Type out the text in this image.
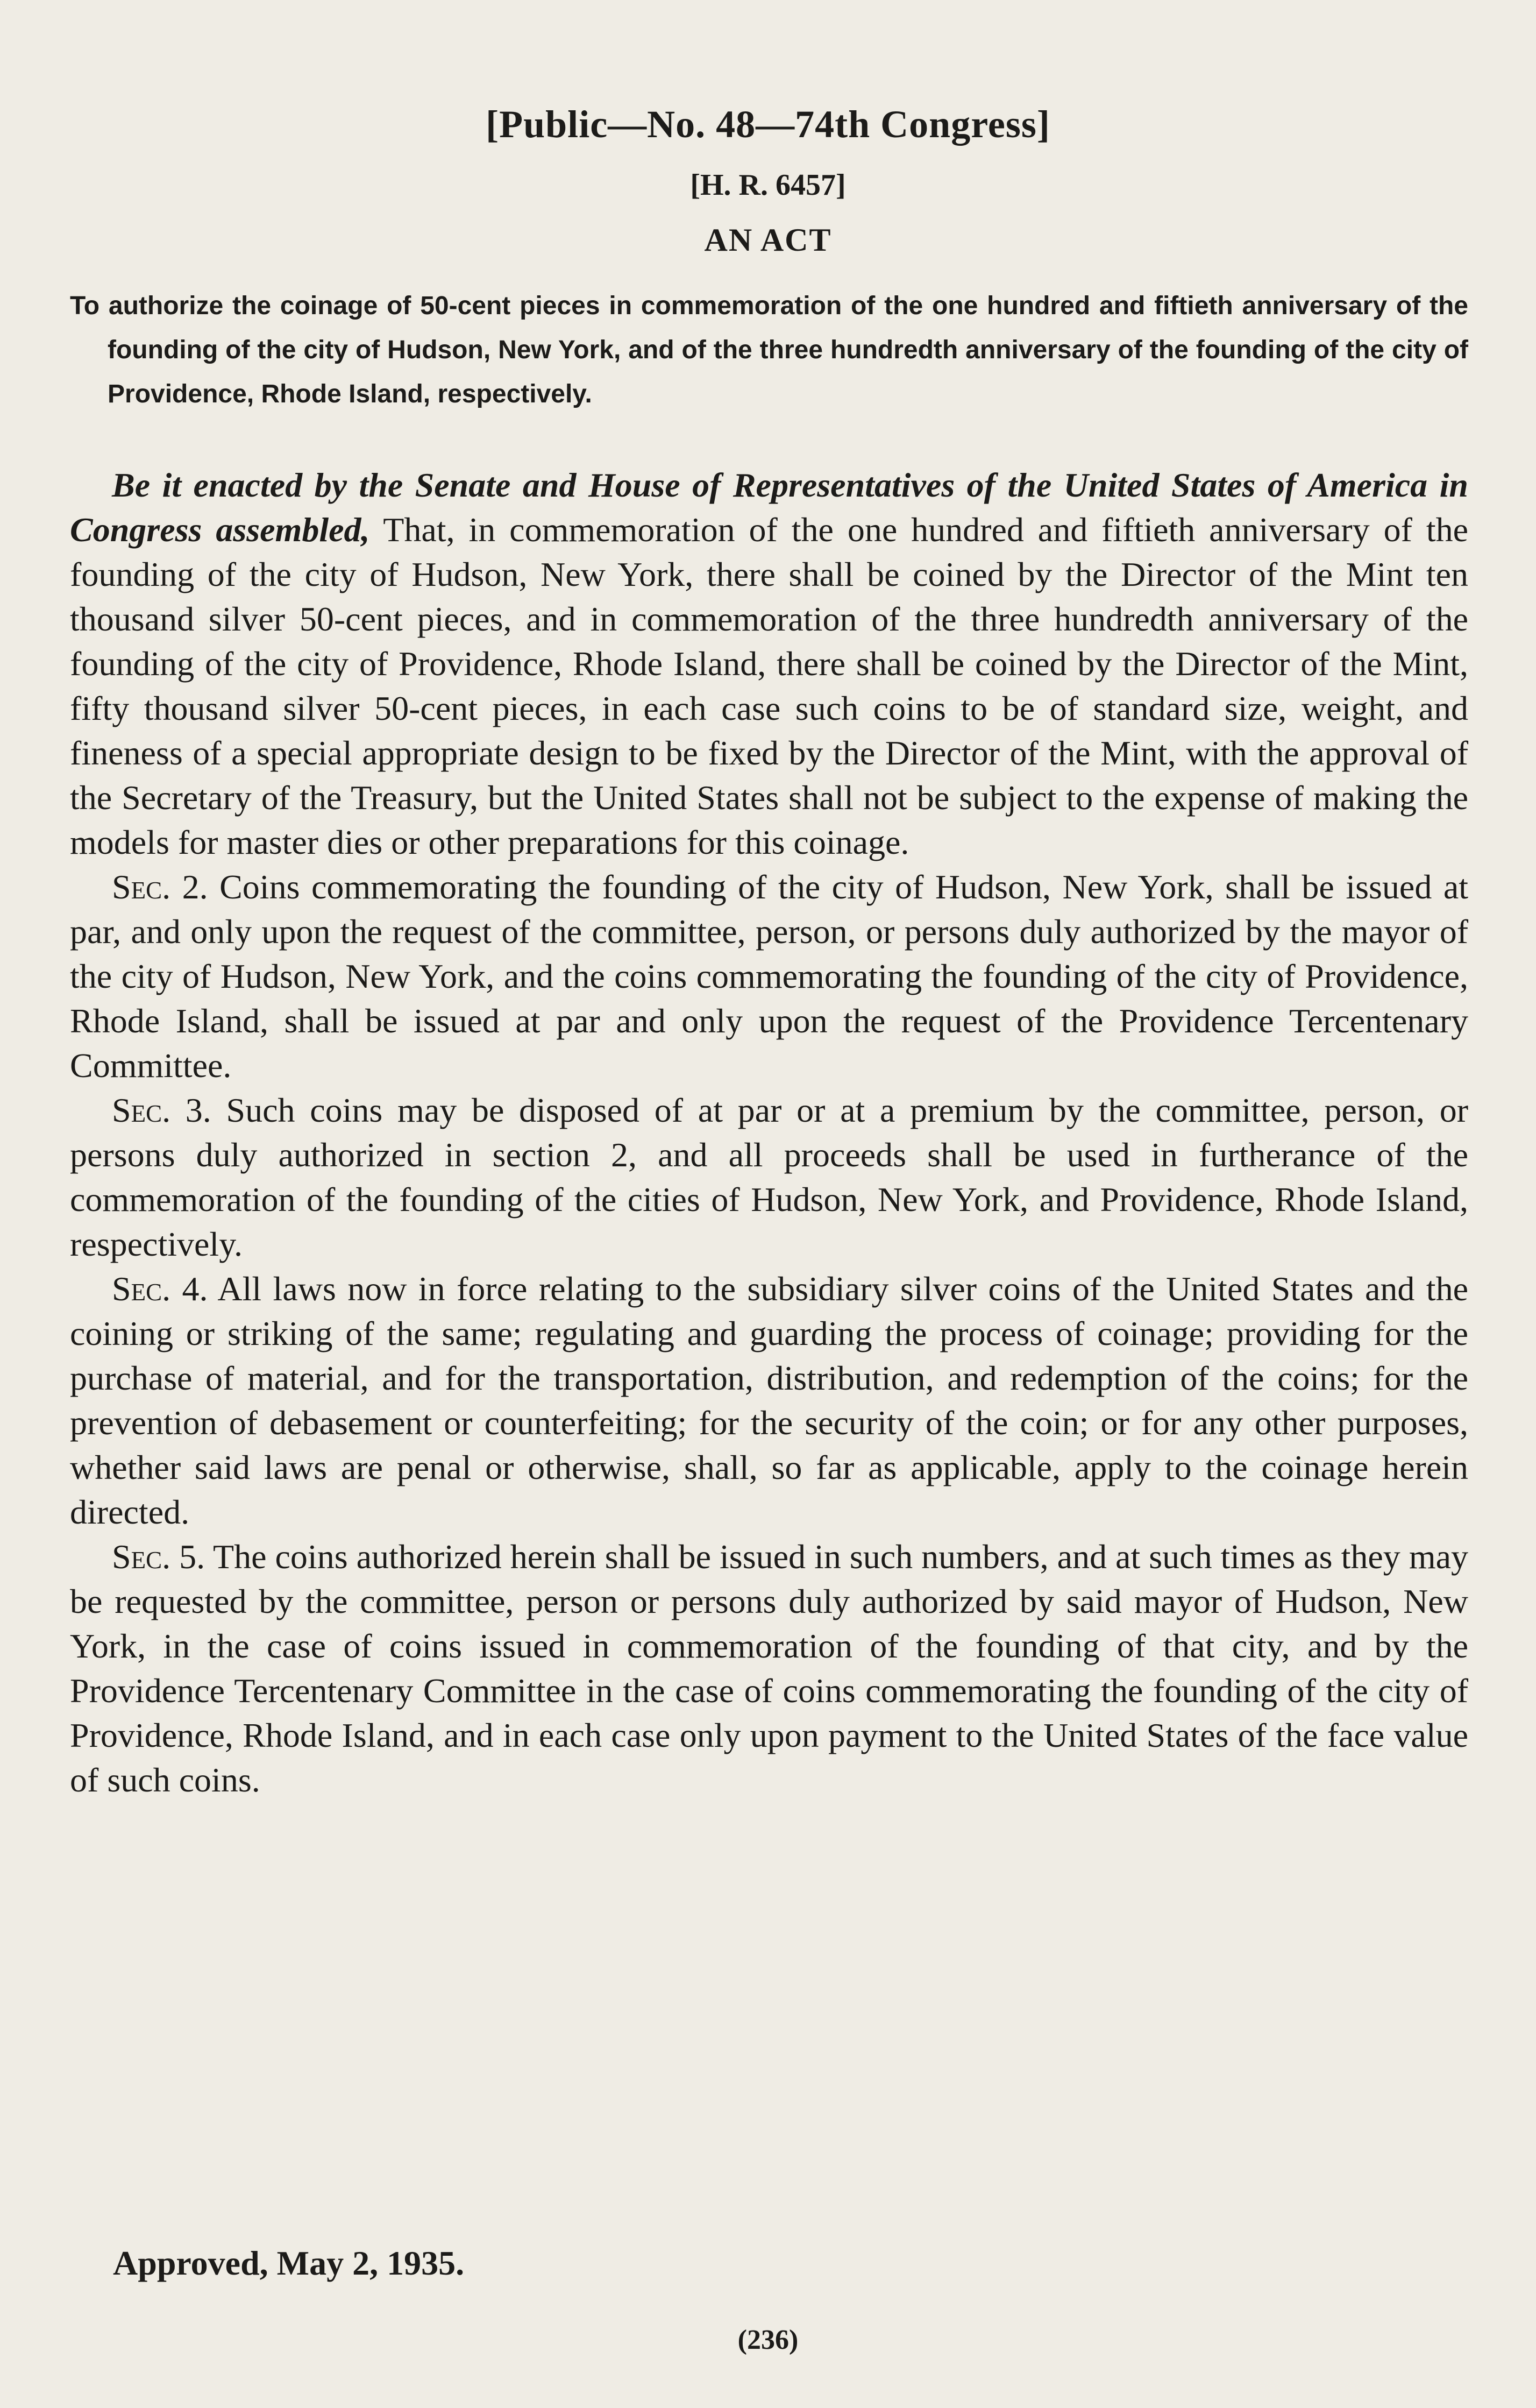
[Public—No. 48—74th Congress]
[H. R. 6457]
AN ACT
To authorize the coinage of 50-cent pieces in commemoration of the one hundred and fiftieth anniversary of the founding of the city of Hudson, New York, and of the three hundredth anniversary of the founding of the city of Providence, Rhode Island, respectively.

Be it enacted by the Senate and House of Representatives of the United States of America in Congress assembled, That, in commemoration of the one hundred and fiftieth anniversary of the founding of the city of Hudson, New York, there shall be coined by the Director of the Mint ten thousand silver 50-cent pieces, and in commemoration of the three hundredth anniversary of the founding of the city of Providence, Rhode Island, there shall be coined by the Director of the Mint, fifty thousand silver 50-cent pieces, in each case such coins to be of standard size, weight, and fineness of a special appropriate design to be fixed by the Director of the Mint, with the approval of the Secretary of the Treasury, but the United States shall not be subject to the expense of making the models for master dies or other preparations for this coinage.

Sec. 2. Coins commemorating the founding of the city of Hudson, New York, shall be issued at par, and only upon the request of the committee, person, or persons duly authorized by the mayor of the city of Hudson, New York, and the coins commemorating the founding of the city of Providence, Rhode Island, shall be issued at par and only upon the request of the Providence Tercentenary Committee.

Sec. 3. Such coins may be disposed of at par or at a premium by the committee, person, or persons duly authorized in section 2, and all proceeds shall be used in furtherance of the commemoration of the founding of the cities of Hudson, New York, and Providence, Rhode Island, respectively.

Sec. 4. All laws now in force relating to the subsidiary silver coins of the United States and the coining or striking of the same; regulating and guarding the process of coinage; providing for the purchase of material, and for the transportation, distribution, and redemption of the coins; for the prevention of debasement or counterfeiting; for the security of the coin; or for any other purposes, whether said laws are penal or otherwise, shall, so far as applicable, apply to the coinage herein directed.

Sec. 5. The coins authorized herein shall be issued in such numbers, and at such times as they may be requested by the committee, person or persons duly authorized by said mayor of Hudson, New York, in the case of coins issued in commemoration of the founding of that city, and by the Providence Tercentenary Committee in the case of coins commemorating the founding of the city of Providence, Rhode Island, and in each case only upon payment to the United States of the face value of such coins.

Approved, May 2, 1935.
(236)
